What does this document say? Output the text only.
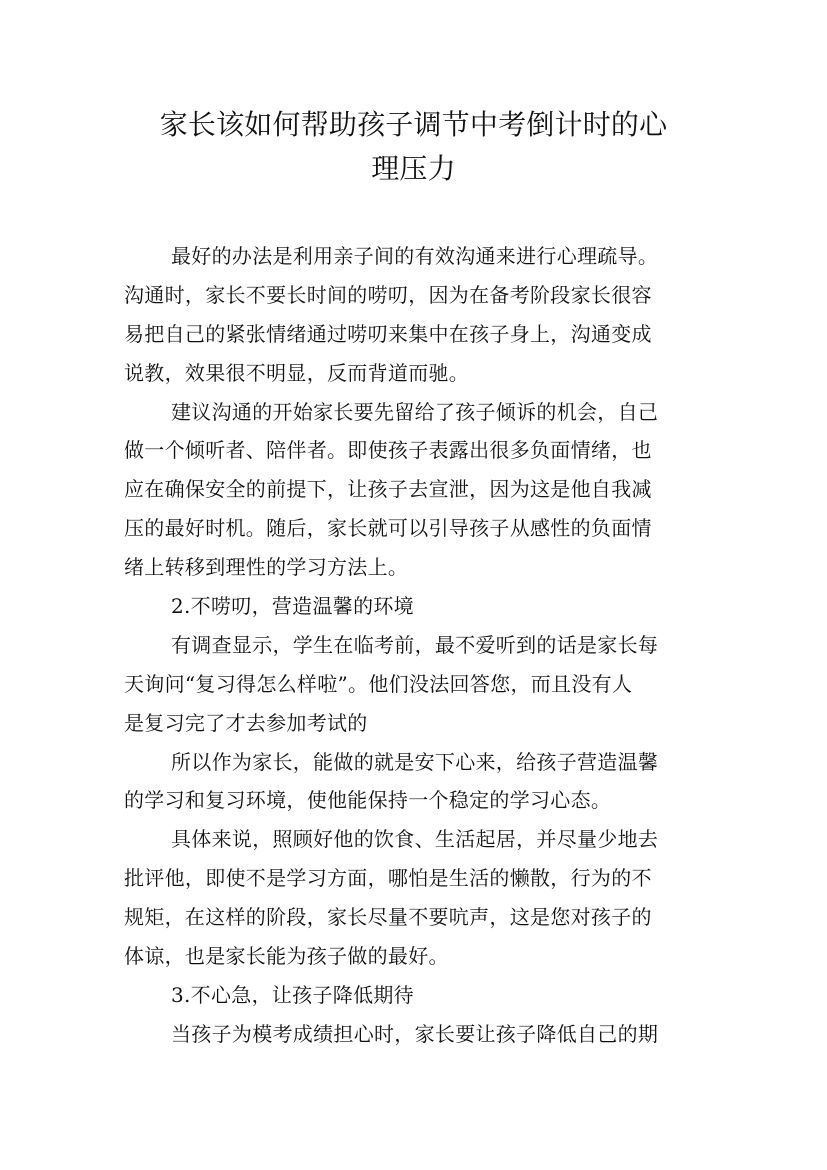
家长该如何帮助孩子调节中考倒计时的心
理压力
最好的办法是利用亲子间的有效沟通来进行心理疏导。
沟通时，家长不要长时间的唠叨，因为在备考阶段家长很容
易把自己的紧张情绪通过唠叨来集中在孩子身上，沟通变成
说教，效果很不明显，反而背道而驰。
建议沟通的开始家长要先留给了孩子倾诉的机会，自己
做一个倾听者、陪伴者。即使孩子表露出很多负面情绪，也
应在确保安全的前提下，让孩子去宣泄，因为这是他自我减
压的最好时机。随后，家长就可以引导孩子从感性的负面情
绪上转移到理性的学习方法上。
2.不唠叨，营造温馨的环境
有调查显示，学生在临考前，最不爱听到的话是家长每
天询问“复习得怎么样啦”。他们没法回答您，而且没有人
是复习完了才去参加考试的
所以作为家长，能做的就是安下心来，给孩子营造温馨
的学习和复习环境，使他能保持一个稳定的学习心态。
具体来说，照顾好他的饮食、生活起居，并尽量少地去
批评他，即使不是学习方面，哪怕是生活的懒散，行为的不
规矩，在这样的阶段，家长尽量不要吭声，这是您对孩子的
体谅，也是家长能为孩子做的最好。
3.不心急，让孩子降低期待
当孩子为模考成绩担心时，家长要让孩子降低自己的期
